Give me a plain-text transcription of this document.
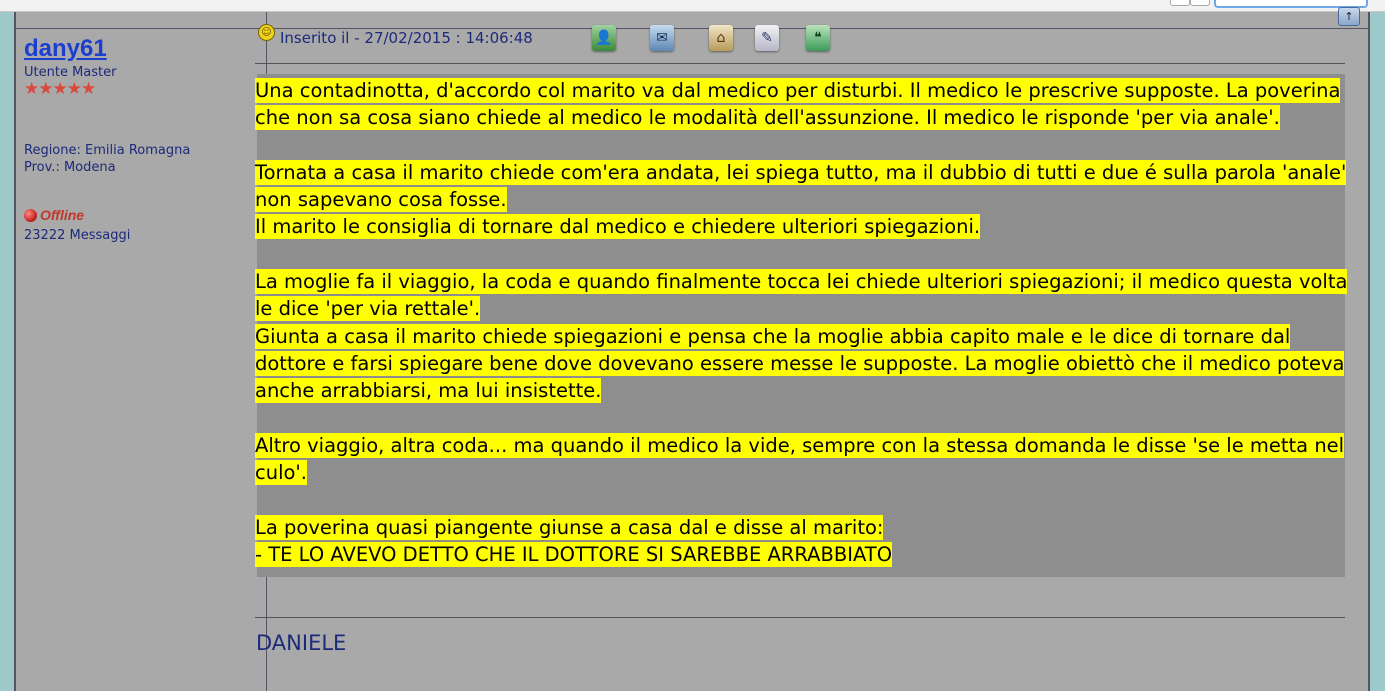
↑
dany61
Utente Master
★★★★★
Regione: Emilia Romagna
Prov.: Modena
Offline
23222 Messaggi
☺ Inserito il - 27/02/2015 : 14:06:48	👤	✉	⌂	✎	❝
Una contadinotta, d'accordo col marito va dal medico per disturbi. Il medico le prescrive supposte. La poverina che non sa cosa siano chiede al medico le modalità dell'assunzione. Il medico le risponde 'per via anale'.

Tornata a casa il marito chiede com'era andata, lei spiega tutto, ma il dubbio di tutti e due é sulla parola 'anale' non sapevano cosa fosse.
Il marito le consiglia di tornare dal medico e chiedere ulteriori spiegazioni.

La moglie fa il viaggio, la coda e quando finalmente tocca lei chiede ulteriori spiegazioni; il medico questa volta le dice 'per via rettale'.
Giunta a casa il marito chiede spiegazioni e pensa che la moglie abbia capito male e le dice di tornare dal dottore e farsi spiegare bene dove dovevano essere messe le supposte. La moglie obiettò che il medico poteva anche arrabbiarsi, ma lui insistette.

Altro viaggio, altra coda... ma quando il medico la vide, sempre con la stessa domanda le disse 'se le metta nel culo'.

La poverina quasi piangente giunse a casa dal e disse al marito:
- TE LO AVEVO DETTO CHE IL DOTTORE SI SAREBBE ARRABBIATO
DANIELE
